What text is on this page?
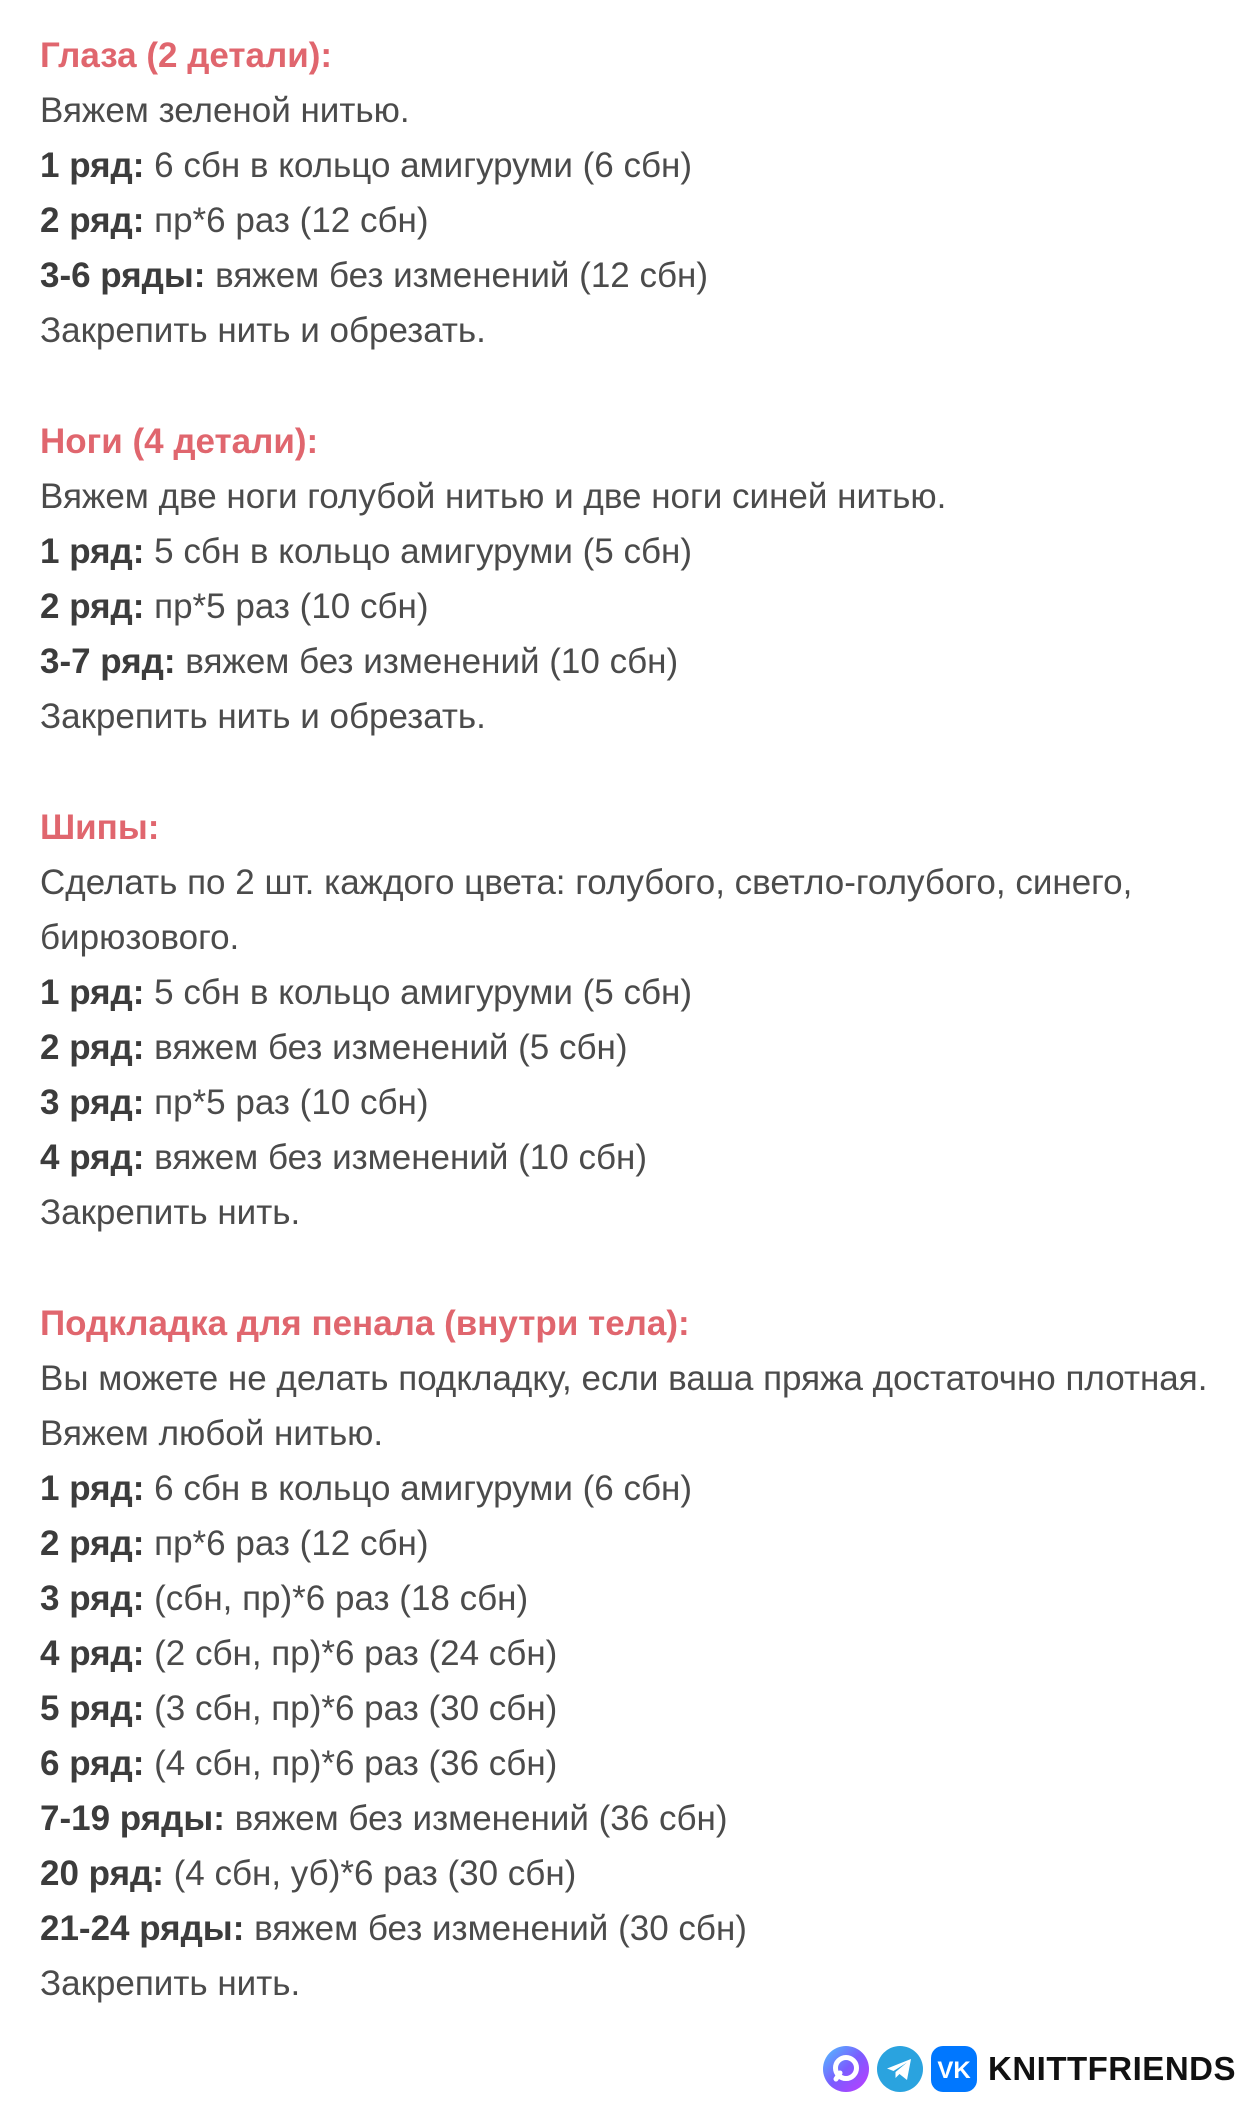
Глаза (2 детали):

Вяжем зеленой нитью.

1 ряд: 6 сбн в кольцо амигуруми (6 сбн)

2 ряд: пр*6 раз (12 сбн)

3-6 ряды: вяжем без изменений (12 сбн)

Закрепить нить и обрезать.

Ноги (4 детали):

Вяжем две ноги голубой нитью и две ноги синей нитью.

1 ряд: 5 сбн в кольцо амигуруми (5 сбн)

2 ряд: пр*5 раз (10 сбн)

3-7 ряд: вяжем без изменений (10 сбн)

Закрепить нить и обрезать.

Шипы:

Сделать по 2 шт. каждого цвета: голубого, светло-голубого, синего, бирюзового.

1 ряд: 5 сбн в кольцо амигуруми (5 сбн)

2 ряд: вяжем без изменений (5 сбн)

3 ряд: пр*5 раз (10 сбн)

4 ряд: вяжем без изменений (10 сбн)

Закрепить нить.

Подкладка для пенала (внутри тела):

Вы можете не делать подкладку, если ваша пряжа достаточно плотная.

Вяжем любой нитью.

1 ряд: 6 сбн в кольцо амигуруми (6 сбн)

2 ряд: пр*6 раз (12 сбн)

3 ряд: (сбн, пр)*6 раз (18 сбн)

4 ряд: (2 сбн, пр)*6 раз (24 сбн)

5 ряд: (3 сбн, пр)*6 раз (30 сбн)

6 ряд: (4 сбн, пр)*6 раз (36 сбн)

7-19 ряды: вяжем без изменений (36 сбн)

20 ряд: (4 сбн, уб)*6 раз (30 сбн)

21-24 ряды: вяжем без изменений (30 сбн)

Закрепить нить.

VK KNITTFRIENDS
